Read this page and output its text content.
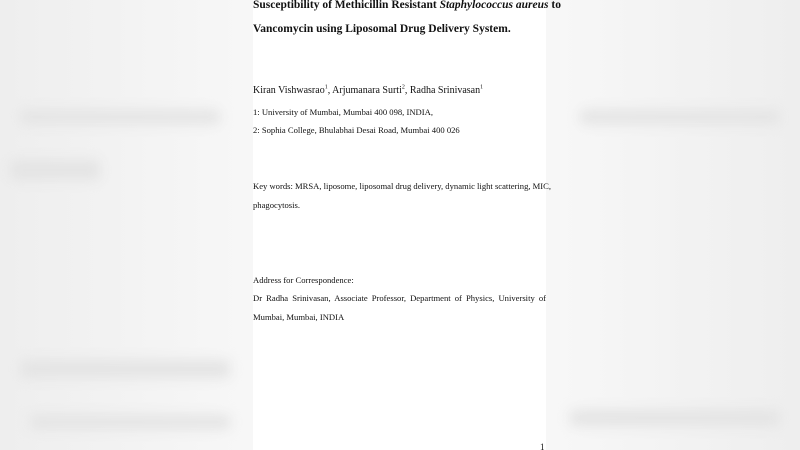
Susceptibility of Methicillin Resistant Staphylococcus aureus to
Vancomycin using Liposomal Drug Delivery System.
Kiran Vishwasrao$^1$, Arjumanara Surti$^2$, Radha Srinivasan$^1$
1: University of Mumbai, Mumbai 400 098, INDIA,
2: Sophia College, Bhulabhai Desai Road, Mumbai 400 026
Key words: MRSA, liposome, liposomal drug delivery, dynamic light scattering, MIC,
phagocytosis.
Address for Correspondence:
Dr Radha Srinivasan, Associate Professor, Department of Physics, University of
Mumbai, Mumbai, INDIA
1
